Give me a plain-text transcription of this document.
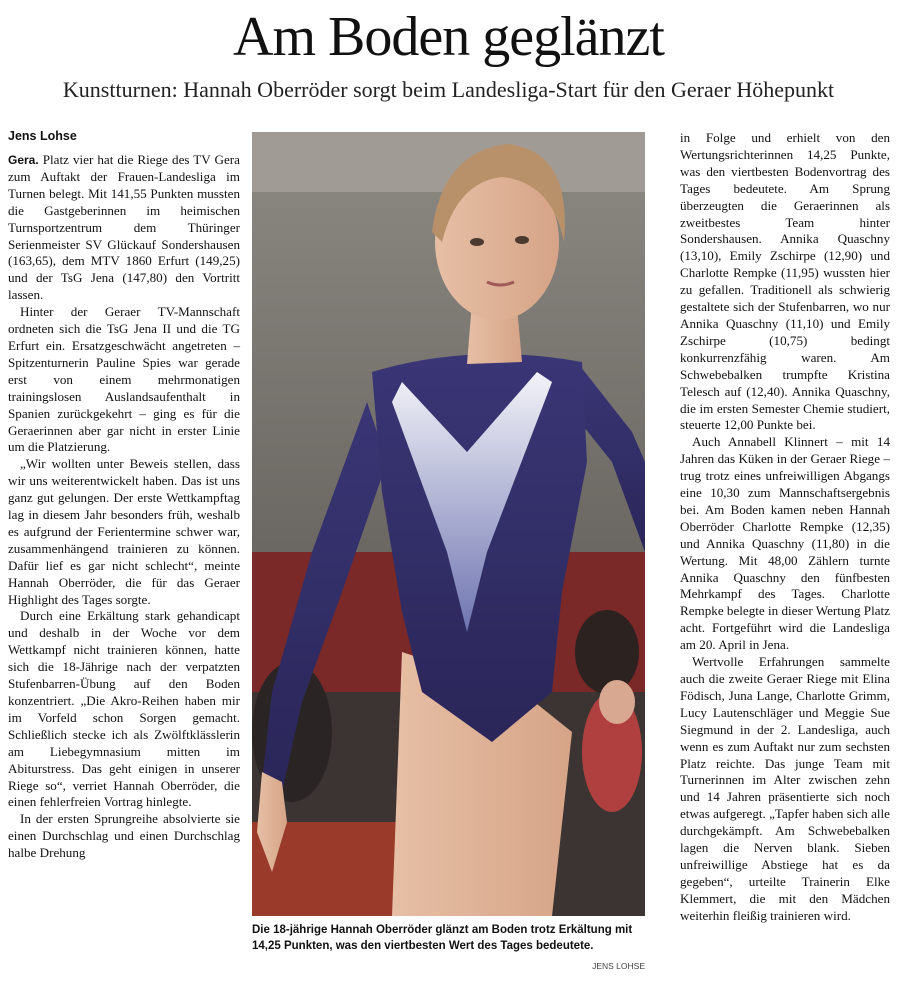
Am Boden geglänzt
Kunstturnen: Hannah Oberröder sorgt beim Landesliga-Start für den Geraer Höhepunkt
Jens Lohse

Gera. Platz vier hat die Riege des TV Gera zum Auftakt der Frauen-Landesliga im Turnen belegt. Mit 141,55 Punkten mussten die Gastgeberinnen im heimischen Turnsportzentrum dem Thüringer Serienmeister SV Glückauf Sondershausen (163,65), dem MTV 1860 Erfurt (149,25) und der TsG Jena (147,80) den Vortritt lassen.

Hinter der Geraer TV-Mannschaft ordneten sich die TsG Jena II und die TG Erfurt ein. Ersatzgeschwächt angetreten – Spitzenturnerin Pauline Spies war gerade erst von einem mehrmonatigen trainingslosen Auslandsaufenthalt in Spanien zurückgekehrt – ging es für die Geraerinnen aber gar nicht in erster Linie um die Platzierung.

„Wir wollten unter Beweis stellen, dass wir uns weiterentwickelt haben. Das ist uns ganz gut gelungen. Der erste Wettkampftag lag in diesem Jahr besonders früh, weshalb es aufgrund der Ferientermine schwer war, zusammenhängend trainieren zu können. Dafür lief es gar nicht schlecht“, meinte Hannah Oberröder, die für das Geraer Highlight des Tages sorgte.

Durch eine Erkältung stark gehandicapt und deshalb in der Woche vor dem Wettkampf nicht trainieren können, hatte sich die 18-Jährige nach der verpatzten Stufenbarren-Übung auf den Boden konzentriert. „Die Akro-Reihen haben mir im Vorfeld schon Sorgen gemacht. Schließlich stecke ich als Zwölftklässlerin am Liebegymnasium mitten im Abiturstress. Das geht einigen in unserer Riege so“, verriet Hannah Oberröder, die einen fehlerfreien Vortrag hinlegte.

In der ersten Sprungreihe absolvierte sie einen Durchschlag und einen Durchschlag halbe Drehung

Die 18-jährige Hannah Oberröder glänzt am Boden trotz Erkältung mit 14,25 Punkten, was den viertbesten Wert des Tages bedeutete.
JENS LOHSE

in Folge und erhielt von den Wertungsrichterinnen 14,25 Punkte, was den viertbesten Bodenvortrag des Tages bedeutete. Am Sprung überzeugten die Geraerinnen als zweitbestes Team hinter Sondershausen. Annika Quaschny (13,10), Emily Zschirpe (12,90) und Charlotte Rempke (11,95) wussten hier zu gefallen. Traditionell als schwierig gestaltete sich der Stufenbarren, wo nur Annika Quaschny (11,10) und Emily Zschirpe (10,75) bedingt konkurrenzfähig waren. Am Schwebebalken trumpfte Kristina Telesch auf (12,40). Annika Quaschny, die im ersten Semester Chemie studiert, steuerte 12,00 Punkte bei.

Auch Annabell Klinnert – mit 14 Jahren das Küken in der Geraer Riege – trug trotz eines unfreiwilligen Abgangs eine 10,30 zum Mannschaftsergebnis bei. Am Boden kamen neben Hannah Oberröder Charlotte Rempke (12,35) und Annika Quaschny (11,80) in die Wertung. Mit 48,00 Zählern turnte Annika Quaschny den fünfbesten Mehrkampf des Tages. Charlotte Rempke belegte in dieser Wertung Platz acht. Fortgeführt wird die Landesliga am 20. April in Jena.

Wertvolle Erfahrungen sammelte auch die zweite Geraer Riege mit Elina Födisch, Juna Lange, Charlotte Grimm, Lucy Lautenschläger und Meggie Sue Siegmund in der 2. Landesliga, auch wenn es zum Auftakt nur zum sechsten Platz reichte. Das junge Team mit Turnerinnen im Alter zwischen zehn und 14 Jahren präsentierte sich noch etwas aufgeregt. „Tapfer haben sich alle durchgekämpft. Am Schwebebalken lagen die Nerven blank. Sieben unfreiwillige Abstiege hat es da gegeben“, urteilte Trainerin Elke Klemmert, die mit den Mädchen weiterhin fleißig trainieren wird.
